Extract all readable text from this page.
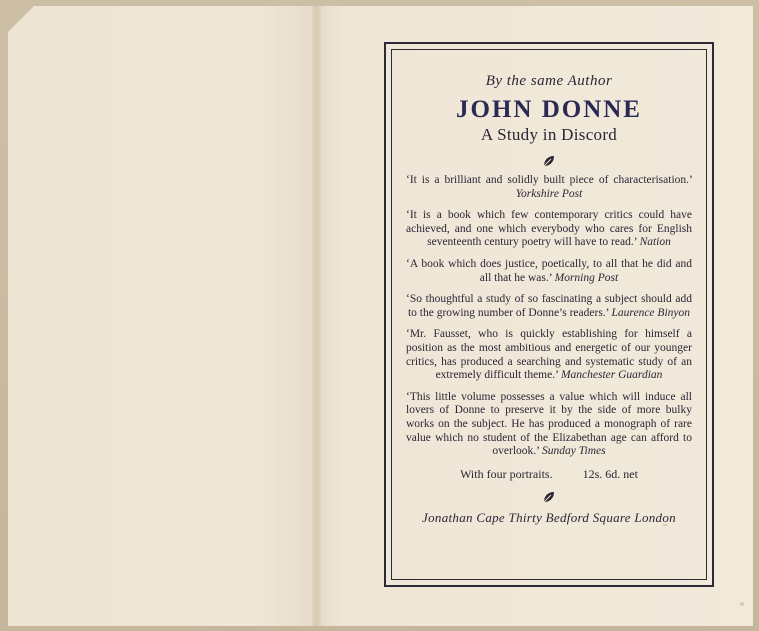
By the same Author

JOHN DONNE

A Study in Discord

‘It is a brilliant and solidly built piece of characterisation.’ Yorkshire Post

‘It is a book which few contemporary critics could have achieved, and one which everybody who cares for English seventeenth century poetry will have to read.’ Nation

‘A book which does justice, poetically, to all that he did and all that he was.’ Morning Post

‘So thoughtful a study of so fascinating a subject should add to the growing number of Donne’s readers.’ Laurence Binyon

‘Mr. Fausset, who is quickly establishing for himself a position as the most ambitious and energetic of our younger critics, has produced a searching and systematic study of an extremely difficult theme.’ Manchester Guardian

‘This little volume possesses a value which will induce all lovers of Donne to preserve it by the side of more bulky works on the subject. He has produced a monograph of rare value which no student of the Elizabethan age can afford to overlook.’ Sunday Times

With four portraits.	12s. 6d. net
Jonathan Cape Thirty Bedford Square London
